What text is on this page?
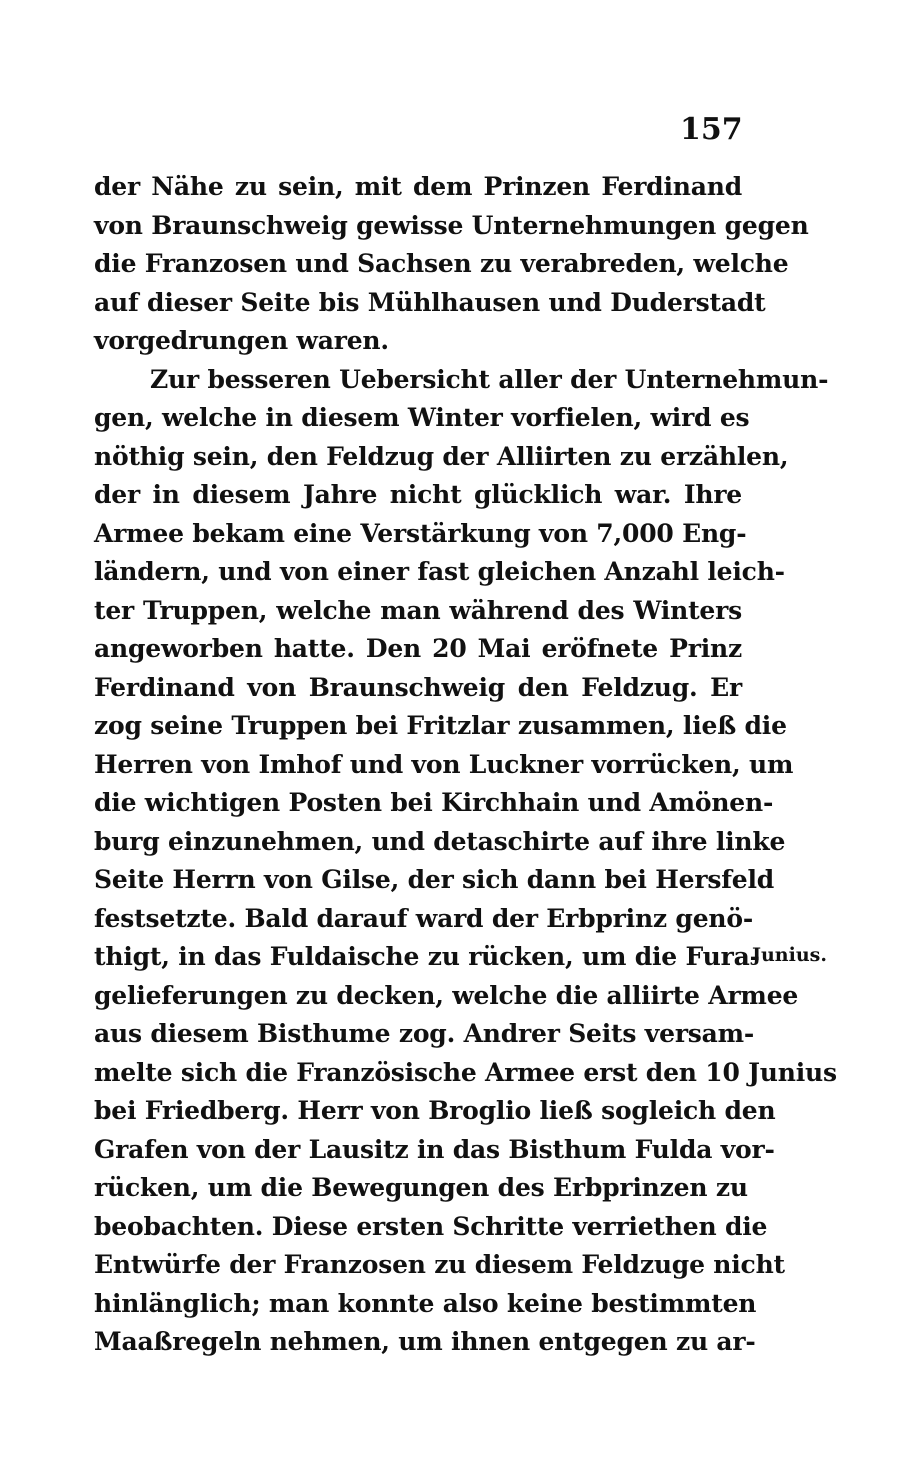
157
der Nähe zu sein, mit dem Prinzen Ferdinand
von Braunschweig gewisse Unternehmungen gegen
die Franzosen und Sachsen zu verabreden, welche
auf dieser Seite bis Mühlhausen und Duderstadt
vorgedrungen waren.
Zur besseren Uebersicht aller der Unternehmun-
gen, welche in diesem Winter vorfielen, wird es
nöthig sein, den Feldzug der Alliirten zu erzählen,
der in diesem Jahre nicht glücklich war. Ihre
Armee bekam eine Verstärkung von 7,000 Eng-
ländern, und von einer fast gleichen Anzahl leich-
ter Truppen, welche man während des Winters
angeworben hatte. Den 20 Mai eröfnete Prinz
Ferdinand von Braunschweig den Feldzug. Er
zog seine Truppen bei Fritzlar zusammen, ließ die
Herren von Imhof und von Luckner vorrücken, um
die wichtigen Posten bei Kirchhain und Amönen-
burg einzunehmen, und detaschirte auf ihre linke
Seite Herrn von Gilse, der sich dann bei Hersfeld
festsetzte. Bald darauf ward der Erbprinz genö-
thigt, in das Fuldaische zu rücken, um die Fura-
gelieferungen zu decken, welche die alliirte Armee
aus diesem Bisthume zog. Andrer Seits versam-
melte sich die Französische Armee erst den 10 Junius
bei Friedberg. Herr von Broglio ließ sogleich den
Grafen von der Lausitz in das Bisthum Fulda vor-
rücken, um die Bewegungen des Erbprinzen zu
beobachten. Diese ersten Schritte verriethen die
Entwürfe der Franzosen zu diesem Feldzuge nicht
hinlänglich; man konnte also keine bestimmten
Maaßregeln nehmen, um ihnen entgegen zu ar-
Junius.
